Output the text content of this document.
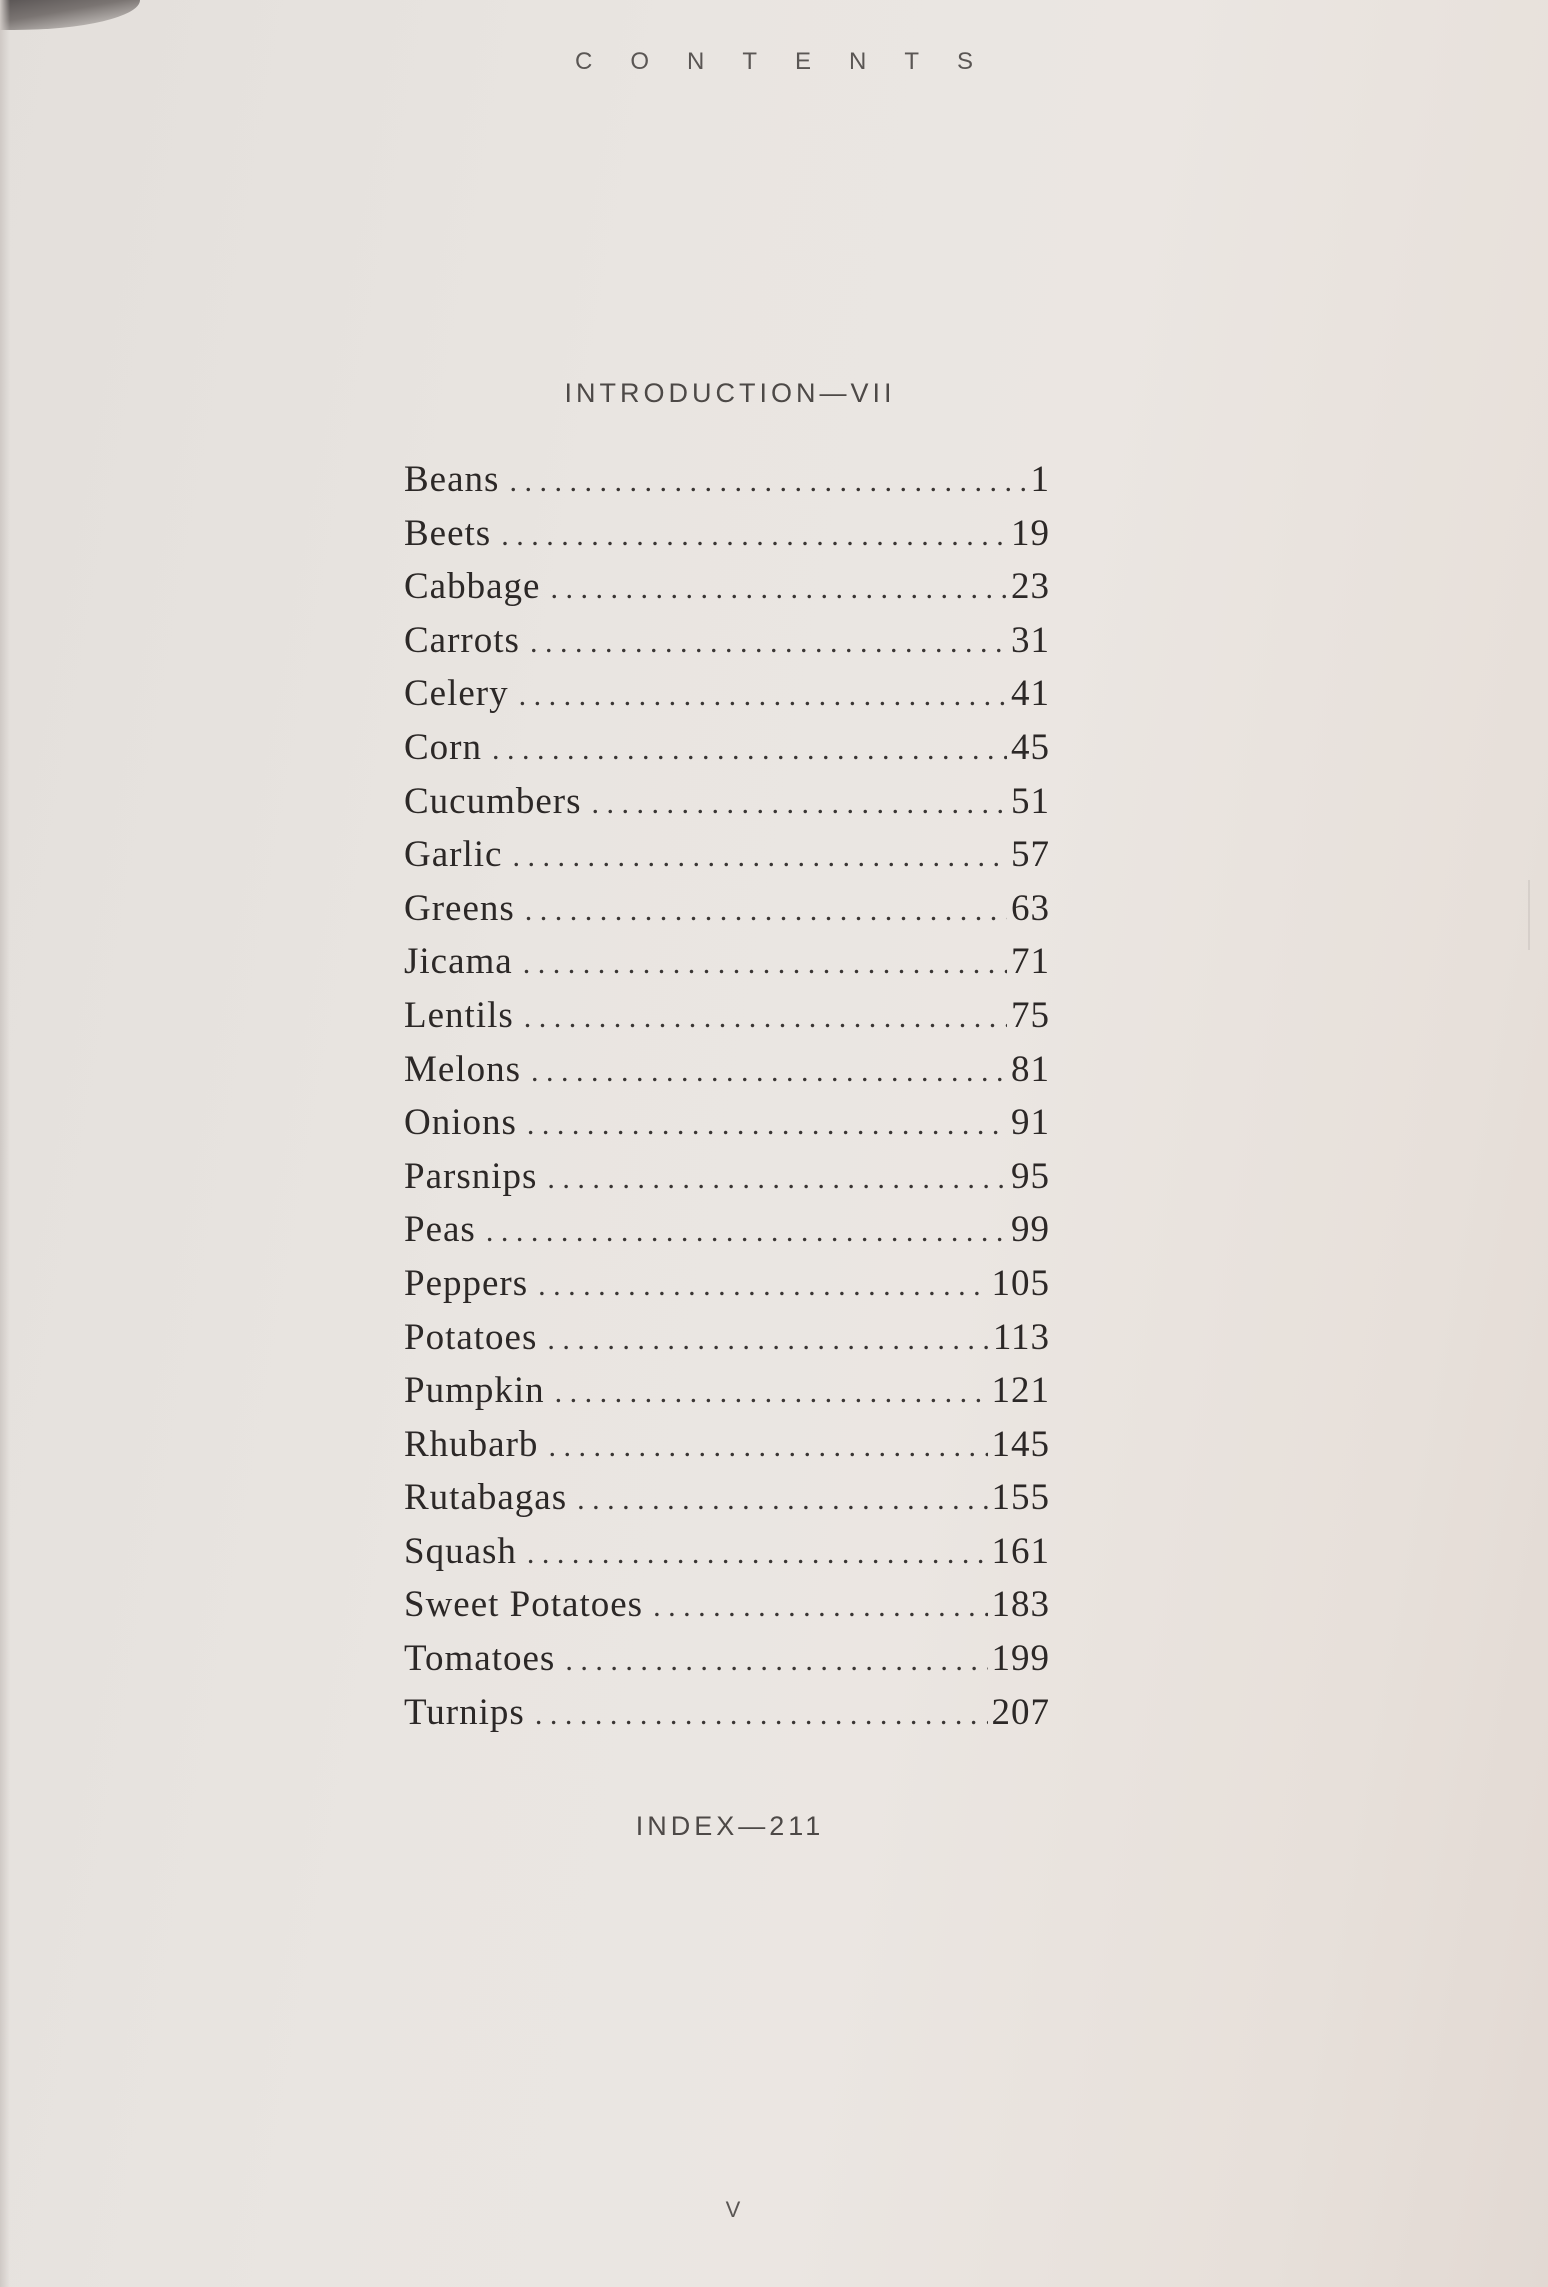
CONTENTS
INTRODUCTION—VII
Beans . . .	1
Beets . . .	19
Cabbage . . .	23
Carrots . . .	31
Celery . . .	41
Corn . . .	45
Cucumbers . . .	51
Garlic . . .	57
Greens . . .	63
Jicama . . .	71
Lentils . . .	75
Melons . . .	81
Onions . . .	91
Parsnips . . .	95
Peas . . .	99
Peppers . . .	105
Potatoes . . .	113
Pumpkin . . .	121
Rhubarb . . .	145
Rutabagas . . .	155
Squash . . .	161
Sweet Potatoes . . .	183
Tomatoes . . .	199
Turnips . . .	207
INDEX—211
V
